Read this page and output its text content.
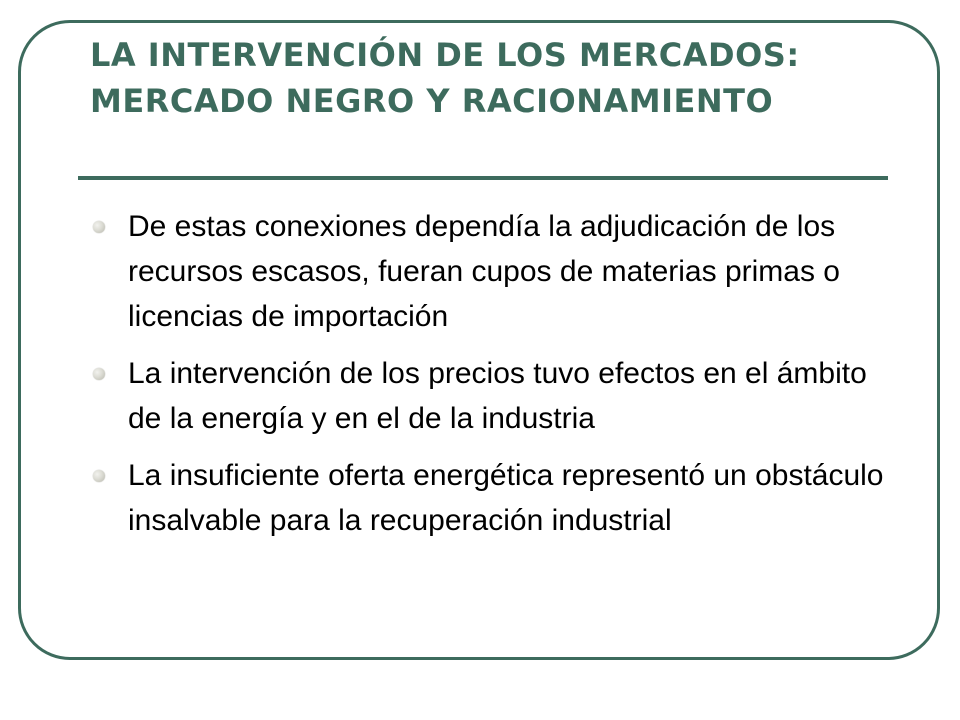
LA INTERVENCIÓN DE LOS MERCADOS: MERCADO NEGRO Y RACIONAMIENTO
De estas conexiones dependía la adjudicación de los recursos escasos, fueran cupos de materias primas o licencias de importación
La intervención de los precios tuvo efectos en el ámbito de la energía y en el de la industria
La insuficiente oferta energética representó un obstáculo insalvable para la recuperación industrial
